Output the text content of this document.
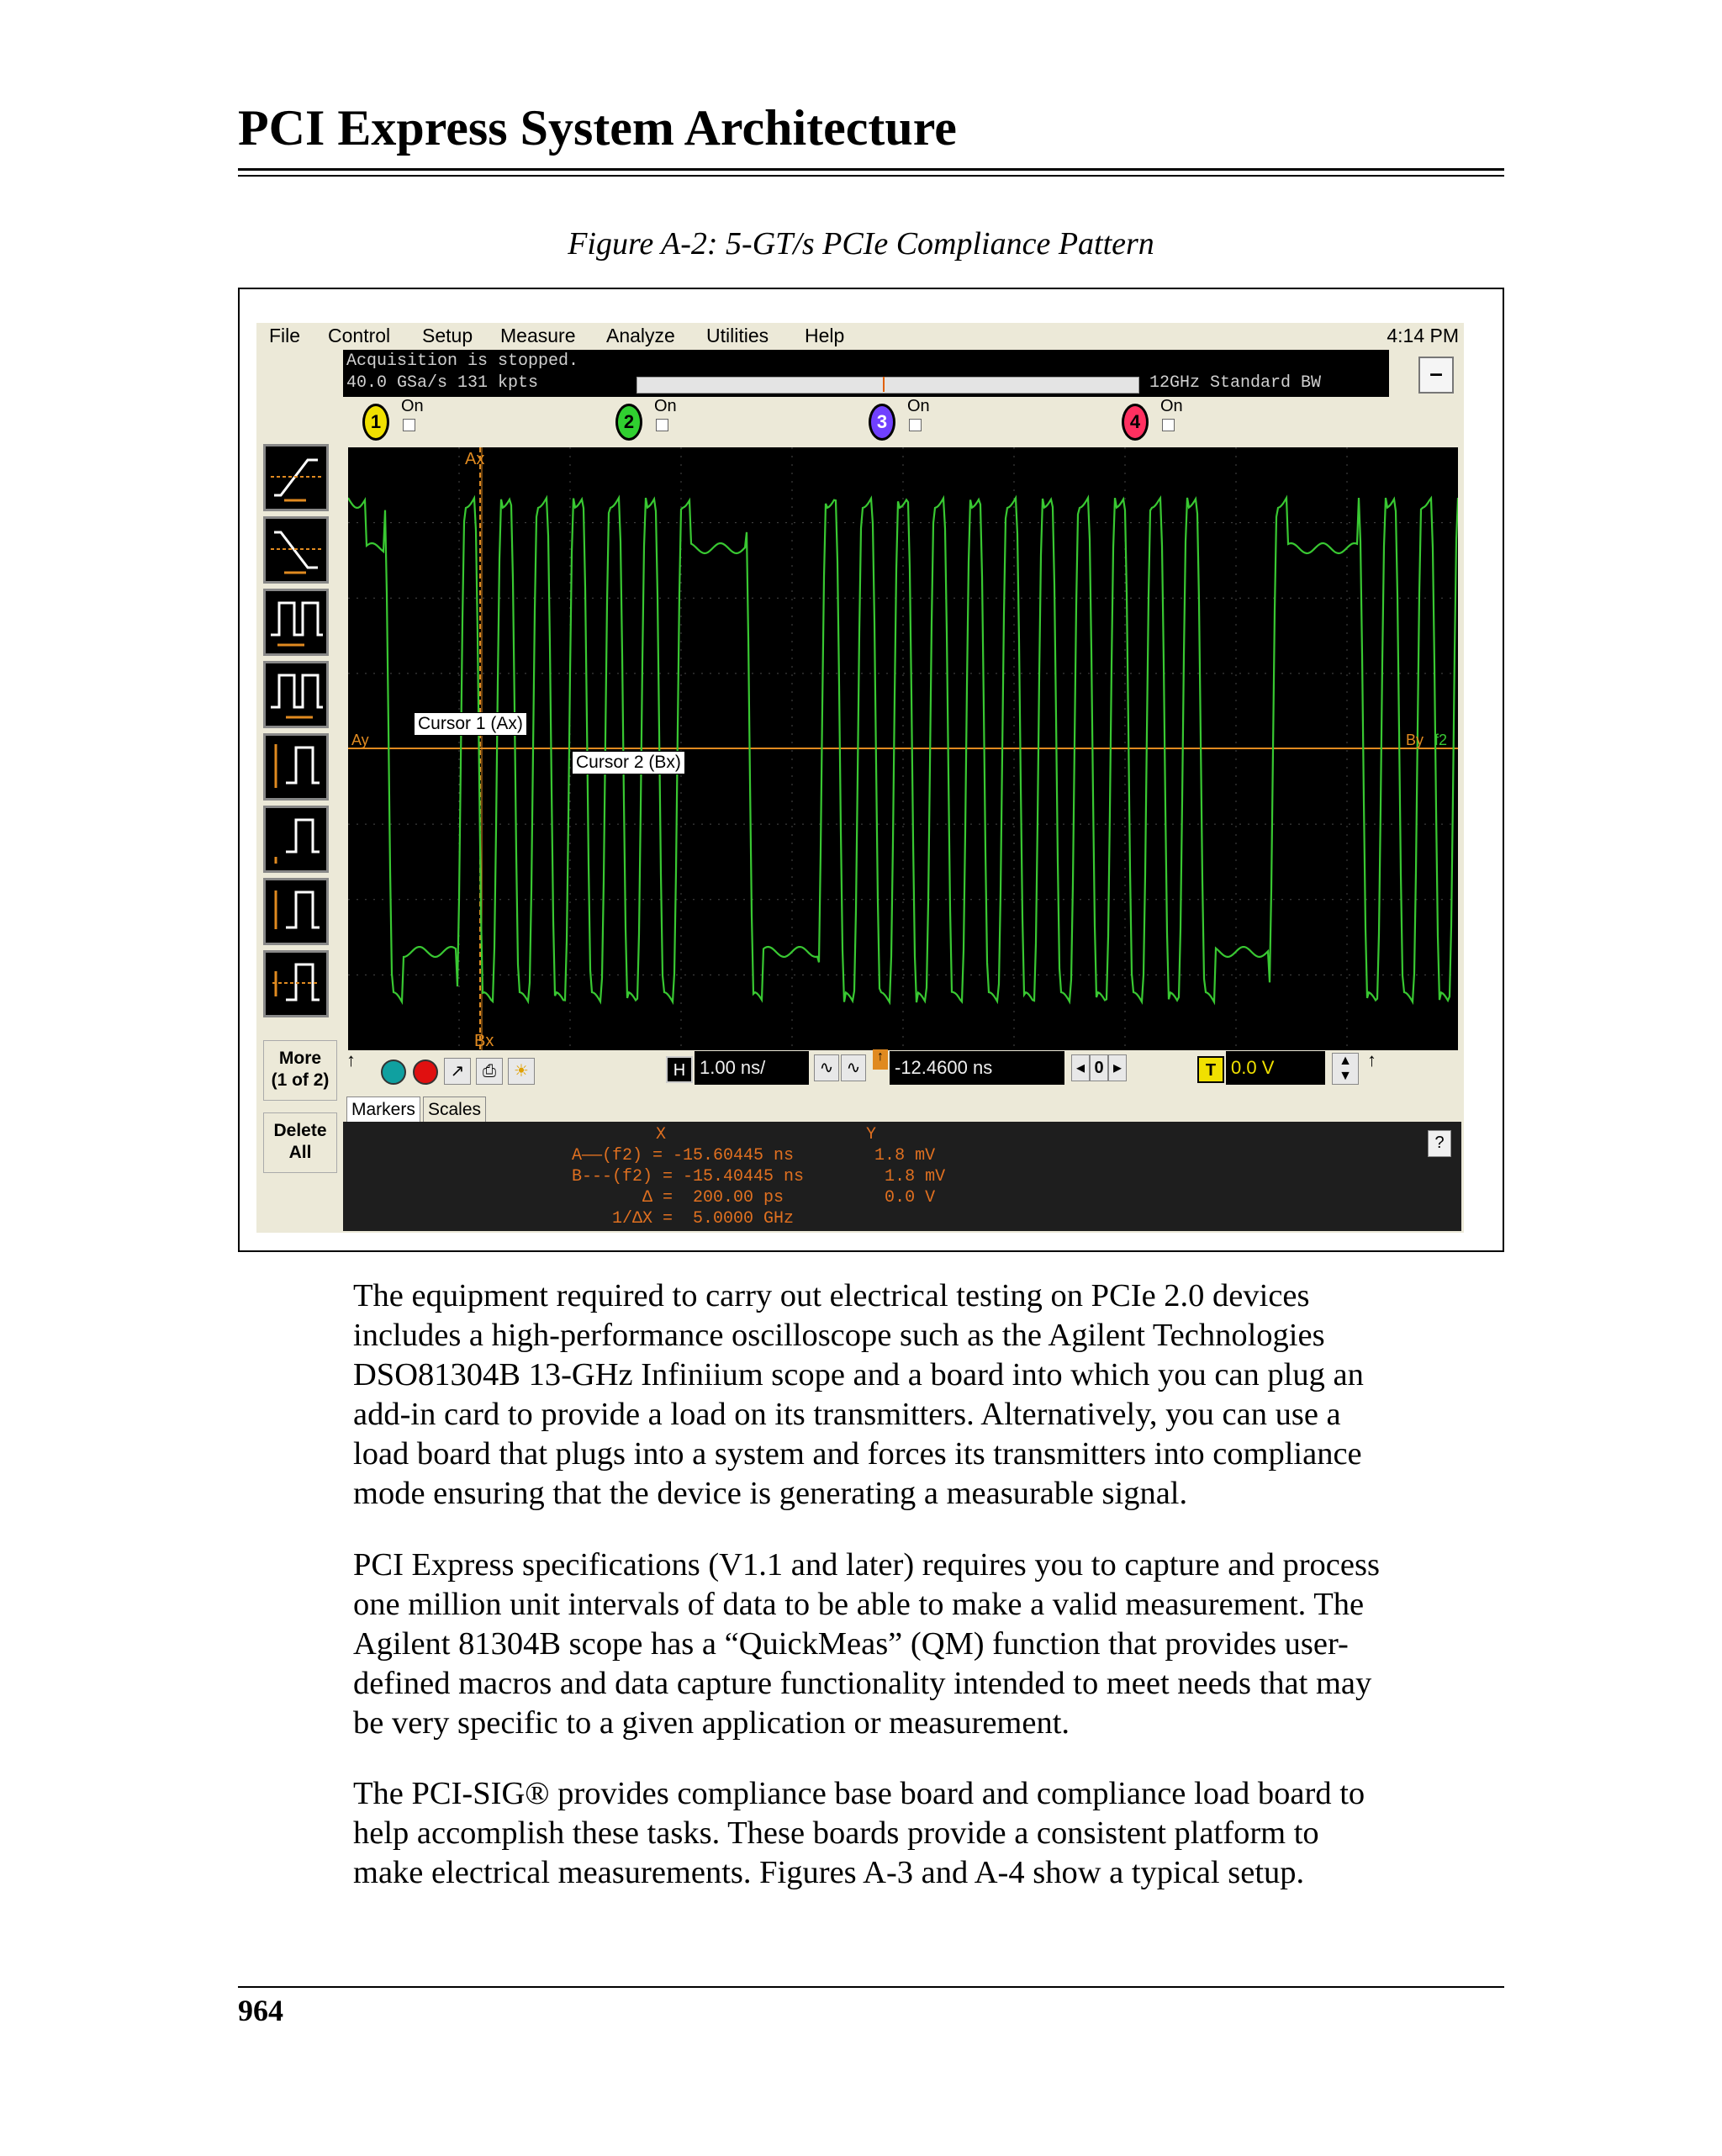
PCI Express System Architecture
Figure A-2: 5-GT/s PCIe Compliance Pattern
File Control Setup Measure Analyze Utilities Help	4:14 PM
Acquisition is stopped.
40.0 GSa/s 131 kpts	12GHz Standard BW	–
1
On
2
On
3
On
4
On
More
(1 of 2)
Delete
All
Ax
Bx
Ay	By f2
Cursor 1 (Ax)
Cursor 2 (Bx)
↑
↗	⎙	☀	H 1.00 ns/	∿ ∿
↑
-12.4600 ns	◂ 0 ▸	T 0.0 V	▲
▼
↑
Markers Scales
X	Y
A——(f2) = -15.60445 ns        1.8 mV
B---(f2) = -15.40445 ns        1.8 mV
Δ =  200.00 ps          0.0 V
1/ΔX =  5.0000 GHz
?
The equipment required to carry out electrical testing on PCIe 2.0 devices
includes a high-performance oscilloscope such as the Agilent Technologies
DSO81304B 13-GHz Infiniium scope and a board into which you can plug an
add-in card to provide a load on its transmitters. Alternatively, you can use a
load board that plugs into a system and forces its transmitters into compliance
mode ensuring that the device is generating a measurable signal.
PCI Express specifications (V1.1 and later) requires you to capture and process
one million unit intervals of data to be able to make a valid measurement. The
Agilent 81304B scope has a “QuickMeas” (QM) function that provides user-
defined macros and data capture functionality intended to meet needs that may
be very specific to a given application or measurement.
The PCI-SIG® provides compliance base board and compliance load board to
help accomplish these tasks. These boards provide a consistent platform to
make electrical measurements. Figures A-3 and A-4 show a typical setup.
964
